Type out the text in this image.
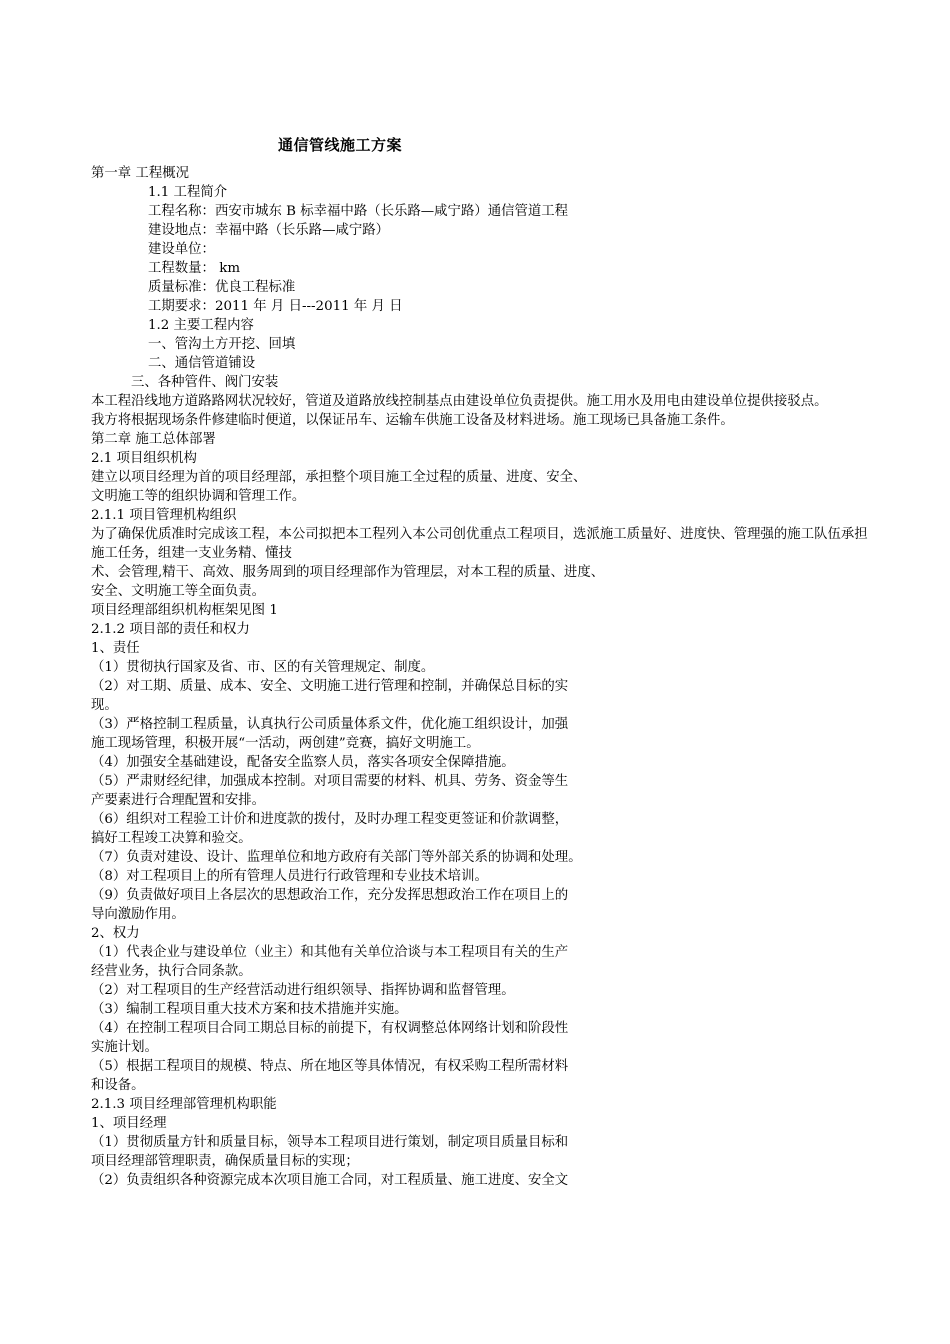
通信管线施工方案
第一章 工程概况
1.1 工程简介
工程名称：西安市城东 B 标幸福中路（长乐路—咸宁路）通信管道工程
建设地点：幸福中路（长乐路—咸宁路）
建设单位：
工程数量： km
质量标准：优良工程标准
工期要求：2011 年 月 日---2011 年 月 日
1.2 主要工程内容
一、管沟土方开挖、回填
二、通信管道铺设
三、各种管件、阀门安装
本工程沿线地方道路路网状况较好，管道及道路放线控制基点由建设单位负责提供。施工用水及用电由建设单位提供接驳点。
我方将根据现场条件修建临时便道，以保证吊车、运输车供施工设备及材料进场。施工现场已具备施工条件。
第二章 施工总体部署
2.1 项目组织机构
建立以项目经理为首的项目经理部，承担整个项目施工全过程的质量、进度、安全、
文明施工等的组织协调和管理工作。
2.1.1 项目管理机构组织
为了确保优质准时完成该工程，本公司拟把本工程列入本公司创优重点工程项目，选派施工质量好、进度快、管理强的施工队伍承担施工任务，组建一支业务精、懂技
术、会管理,精干、高效、服务周到的项目经理部作为管理层，对本工程的质量、进度、
安全、文明施工等全面负责。
项目经理部组织机构框架见图 1
2.1.2 项目部的责任和权力
1、责任
（1）贯彻执行国家及省、市、区的有关管理规定、制度。
（2）对工期、质量、成本、安全、文明施工进行管理和控制，并确保总目标的实
现。
（3）严格控制工程质量，认真执行公司质量体系文件，优化施工组织设计，加强
施工现场管理，积极开展“一活动，两创建”竞赛，搞好文明施工。
（4）加强安全基础建设，配备安全监察人员，落实各项安全保障措施。
（5）严肃财经纪律，加强成本控制。对项目需要的材料、机具、劳务、资金等生
产要素进行合理配置和安排。
（6）组织对工程验工计价和进度款的拨付，及时办理工程变更签证和价款调整，
搞好工程竣工决算和验交。
（7）负责对建设、设计、监理单位和地方政府有关部门等外部关系的协调和处理。
（8）对工程项目上的所有管理人员进行行政管理和专业技术培训。
（9）负责做好项目上各层次的思想政治工作，充分发挥思想政治工作在项目上的
导向激励作用。
2、权力
（1）代表企业与建设单位（业主）和其他有关单位洽谈与本工程项目有关的生产
经营业务，执行合同条款。
（2）对工程项目的生产经营活动进行组织领导、指挥协调和监督管理。
（3）编制工程项目重大技术方案和技术措施并实施。
（4）在控制工程项目合同工期总目标的前提下，有权调整总体网络计划和阶段性
实施计划。
（5）根据工程项目的规模、特点、所在地区等具体情况，有权采购工程所需材料
和设备。
2.1.3 项目经理部管理机构职能
1、项目经理
（1）贯彻质量方针和质量目标，领导本工程项目进行策划，制定项目质量目标和
项目经理部管理职责，确保质量目标的实现；
（2）负责组织各种资源完成本次项目施工合同，对工程质量、施工进度、安全文
